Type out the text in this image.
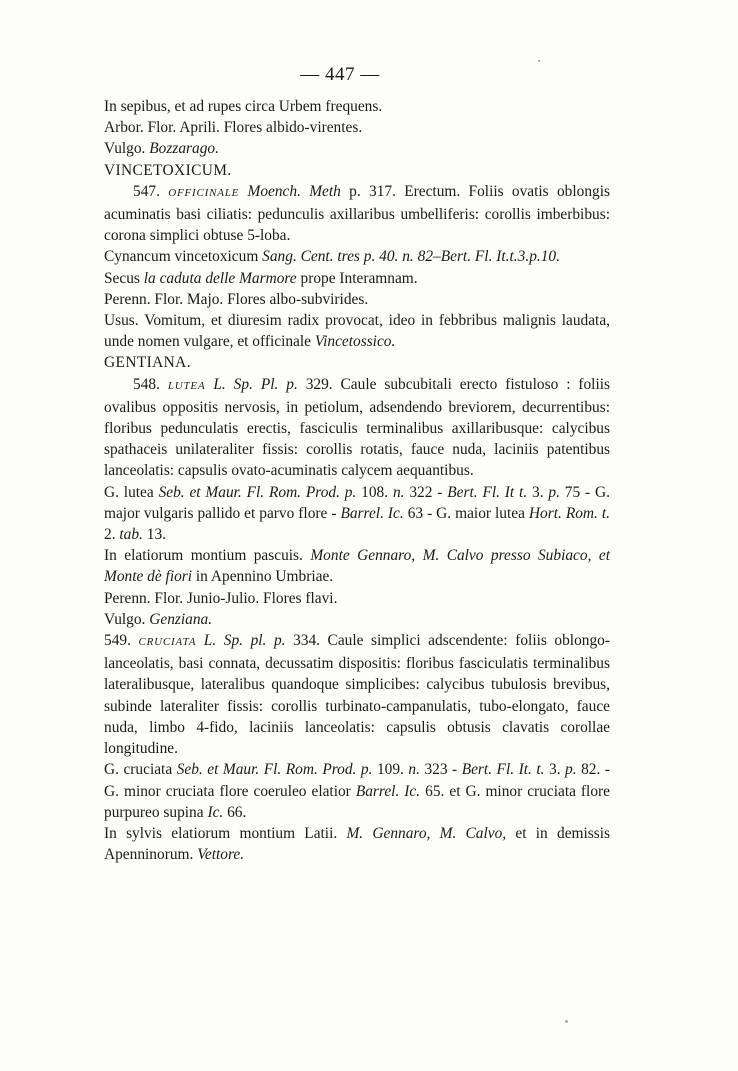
— 447 —

In sepibus, et ad rupes circa Urbem frequens.

Arbor. Flor. Aprili. Flores albido-virentes.

Vulgo. Bozzarago.

VINCETOXICUM.

547. OFFICINALE Moench. Meth p. 317. Erectum. Foliis ovatis oblongis acuminatis basi ciliatis: pedunculis axillaribus umbelliferis: corollis imberbibus: corona simplici obtuse 5-loba.

Cynancum vincetoxicum Sang. Cent. tres p. 40. n. 82–Bert. Fl. It.t.3.p.10.

Secus la caduta delle Marmore prope Interamnam.

Perenn. Flor. Majo. Flores albo-subvirides.

Usus. Vomitum, et diuresim radix provocat, ideo in febbribus malignis laudata, unde nomen vulgare, et officinale Vincetossico.

GENTIANA.

548. LUTEA L. Sp. Pl. p. 329. Caule subcubitali erecto fistuloso : foliis ovalibus oppositis nervosis, in petiolum, adsendendo breviorem, decurrentibus: floribus pedunculatis erectis, fasciculis terminalibus axillaribusque: calycibus spathaceis unilateraliter fissis: corollis rotatis, fauce nuda, laciniis patentibus lanceolatis: capsulis ovato-acuminatis calycem aequantibus.

G. lutea Seb. et Maur. Fl. Rom. Prod. p. 108. n. 322 - Bert. Fl. It t. 3. p. 75 - G. major vulgaris pallido et parvo flore - Barrel. Ic. 63 - G. maior lutea Hort. Rom. t. 2. tab. 13.

In elatiorum montium pascuis. Monte Gennaro, M. Calvo presso Subiaco, et Monte dè fiori in Apennino Umbriae.

Perenn. Flor. Junio-Julio. Flores flavi.

Vulgo. Genziana.

549. CRUCIATA L. Sp. pl. p. 334. Caule simplici adscendente: foliis oblongo-lanceolatis, basi connata, decussatim dispositis: floribus fasciculatis terminalibus lateralibusque, lateralibus quandoque simplicibes: calycibus tubulosis brevibus, subinde lateraliter fissis: corollis turbinato-campanulatis, tubo-elongato, fauce nuda, limbo 4-fido, laciniis lanceolatis: capsulis obtusis clavatis corollae longitudine.

G. cruciata Seb. et Maur. Fl. Rom. Prod. p. 109. n. 323 - Bert. Fl. It. t. 3. p. 82. - G. minor cruciata flore coeruleo elatior Barrel. Ic. 65. et G. minor cruciata flore purpureo supina Ic. 66.

In sylvis elatiorum montium Latii. M. Gennaro, M. Calvo, et in demissis Apenninorum. Vettore.
